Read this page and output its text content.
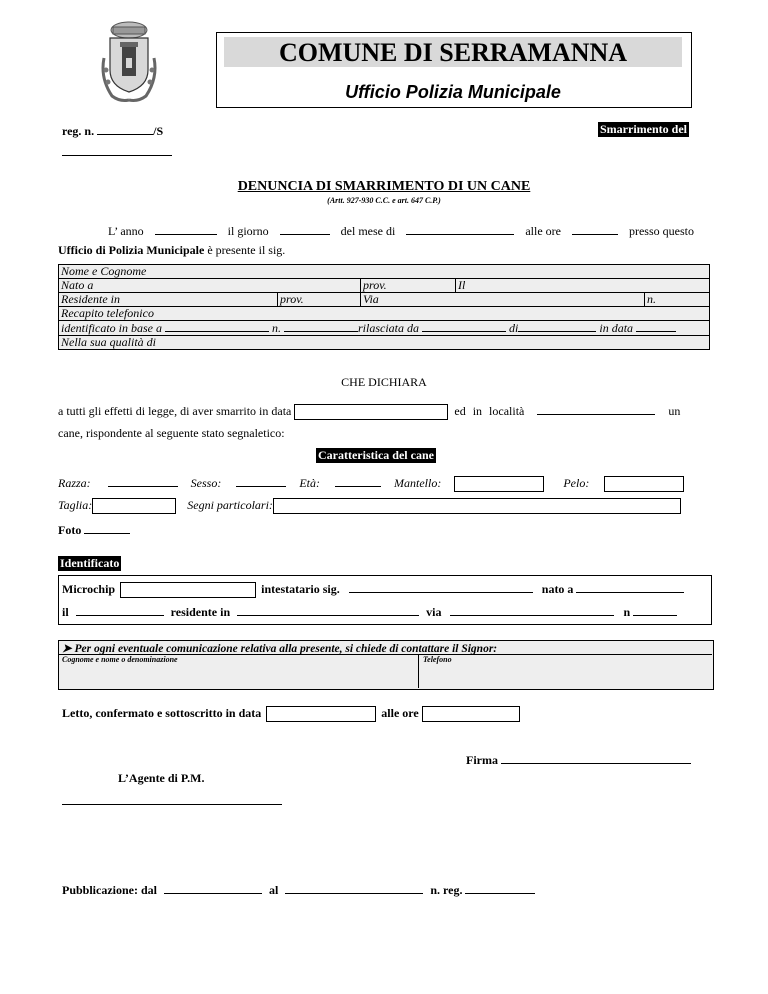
COMUNE DI SERRAMANNA
Ufficio Polizia Municipale
reg. n.	/S	Smarrimento del
DENUNCIA DI SMARRIMENTO DI UN CANE
(Artt. 927-930 C.C. e art. 647 C.P.)
L’ anno	il giorno	del mese di	alle ore	presso questo
Ufficio di Polizia Municipale è presente il sig.
Nome e Cognome				
Nato a		prov.	Il	
Residente in	prov.	Via		n.
Recapito telefonico				
identificato in base a n. rilasciata da di in data				
Nella sua qualità di				
CHE DICHIARA
a tutti gli effetti di legge, di aver smarrito in data	ed in località	un
cane, rispondente al seguente stato segnaletico:
Caratteristica del cane
Razza:	Sesso:	Età:	Mantello:	Pelo:
Taglia:	Segni particolari:
Foto
Identificato
Microchip	intestatario sig.	nato a
il	residente in	via	n
➤ Per ogni eventuale comunicazione relativa alla presente, si chiede di contattare il Signor:
Cognome e nome o denominazione	Telefono
Letto, confermato e sottoscritto in data	alle ore
Firma
L’Agente di P.M.
Pubblicazione: dal	al	n. reg.
